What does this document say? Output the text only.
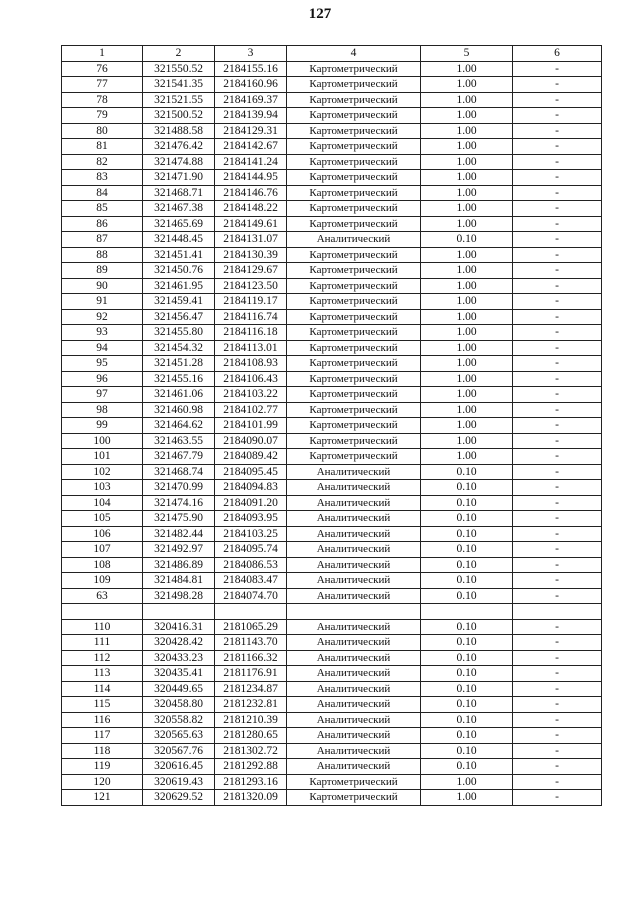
127
1	2	3	4	5	6
76	321550.52	2184155.16	Картометрический	1.00	-
77	321541.35	2184160.96	Картометрический	1.00	-
78	321521.55	2184169.37	Картометрический	1.00	-
79	321500.52	2184139.94	Картометрический	1.00	-
80	321488.58	2184129.31	Картометрический	1.00	-
81	321476.42	2184142.67	Картометрический	1.00	-
82	321474.88	2184141.24	Картометрический	1.00	-
83	321471.90	2184144.95	Картометрический	1.00	-
84	321468.71	2184146.76	Картометрический	1.00	-
85	321467.38	2184148.22	Картометрический	1.00	-
86	321465.69	2184149.61	Картометрический	1.00	-
87	321448.45	2184131.07	Аналитический	0.10	-
88	321451.41	2184130.39	Картометрический	1.00	-
89	321450.76	2184129.67	Картометрический	1.00	-
90	321461.95	2184123.50	Картометрический	1.00	-
91	321459.41	2184119.17	Картометрический	1.00	-
92	321456.47	2184116.74	Картометрический	1.00	-
93	321455.80	2184116.18	Картометрический	1.00	-
94	321454.32	2184113.01	Картометрический	1.00	-
95	321451.28	2184108.93	Картометрический	1.00	-
96	321455.16	2184106.43	Картометрический	1.00	-
97	321461.06	2184103.22	Картометрический	1.00	-
98	321460.98	2184102.77	Картометрический	1.00	-
99	321464.62	2184101.99	Картометрический	1.00	-
100	321463.55	2184090.07	Картометрический	1.00	-
101	321467.79	2184089.42	Картометрический	1.00	-
102	321468.74	2184095.45	Аналитический	0.10	-
103	321470.99	2184094.83	Аналитический	0.10	-
104	321474.16	2184091.20	Аналитический	0.10	-
105	321475.90	2184093.95	Аналитический	0.10	-
106	321482.44	2184103.25	Аналитический	0.10	-
107	321492.97	2184095.74	Аналитический	0.10	-
108	321486.89	2184086.53	Аналитический	0.10	-
109	321484.81	2184083.47	Аналитический	0.10	-
63	321498.28	2184074.70	Аналитический	0.10	-

110	320416.31	2181065.29	Аналитический	0.10	-
111	320428.42	2181143.70	Аналитический	0.10	-
112	320433.23	2181166.32	Аналитический	0.10	-
113	320435.41	2181176.91	Аналитический	0.10	-
114	320449.65	2181234.87	Аналитический	0.10	-
115	320458.80	2181232.81	Аналитический	0.10	-
116	320558.82	2181210.39	Аналитический	0.10	-
117	320565.63	2181280.65	Аналитический	0.10	-
118	320567.76	2181302.72	Аналитический	0.10	-
119	320616.45	2181292.88	Аналитический	0.10	-
120	320619.43	2181293.16	Картометрический	1.00	-
121	320629.52	2181320.09	Картометрический	1.00	-
